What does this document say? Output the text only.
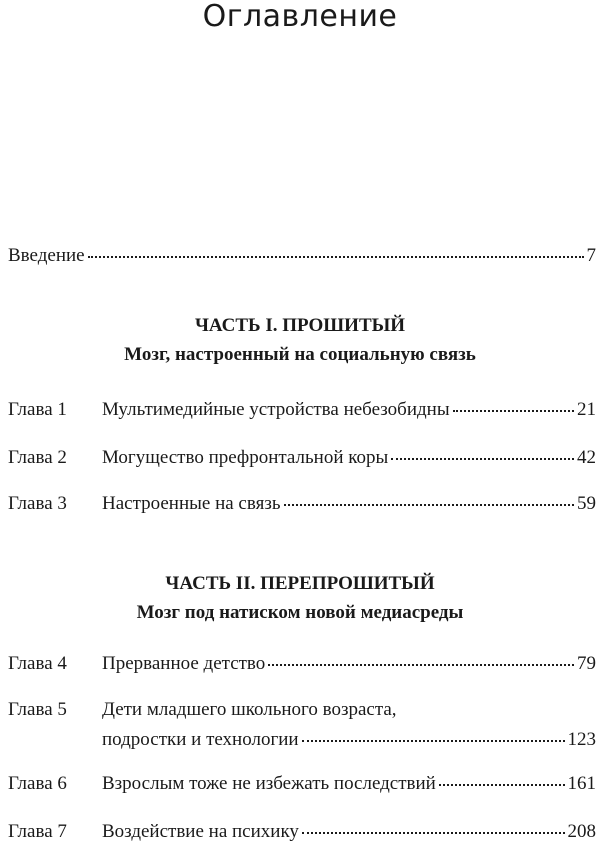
Оглавление
Введение	7
ЧАСТЬ I. ПРОШИТЫЙ
Мозг, настроенный на социальную связь
Глава 1	Мультимедийные устройства небезобидны	21
Глава 2	Могущество префронтальной коры	42
Глава 3	Настроенные на связь	59
ЧАСТЬ II. ПЕРЕПРОШИТЫЙ
Мозг под натиском новой медиасреды
Глава 4	Прерванное детство	79
Глава 5	Дети младшего школьного возраста,
подростки и технологии	123
Глава 6	Взрослым тоже не избежать последствий	161
Глава 7	Воздействие на психику	208
